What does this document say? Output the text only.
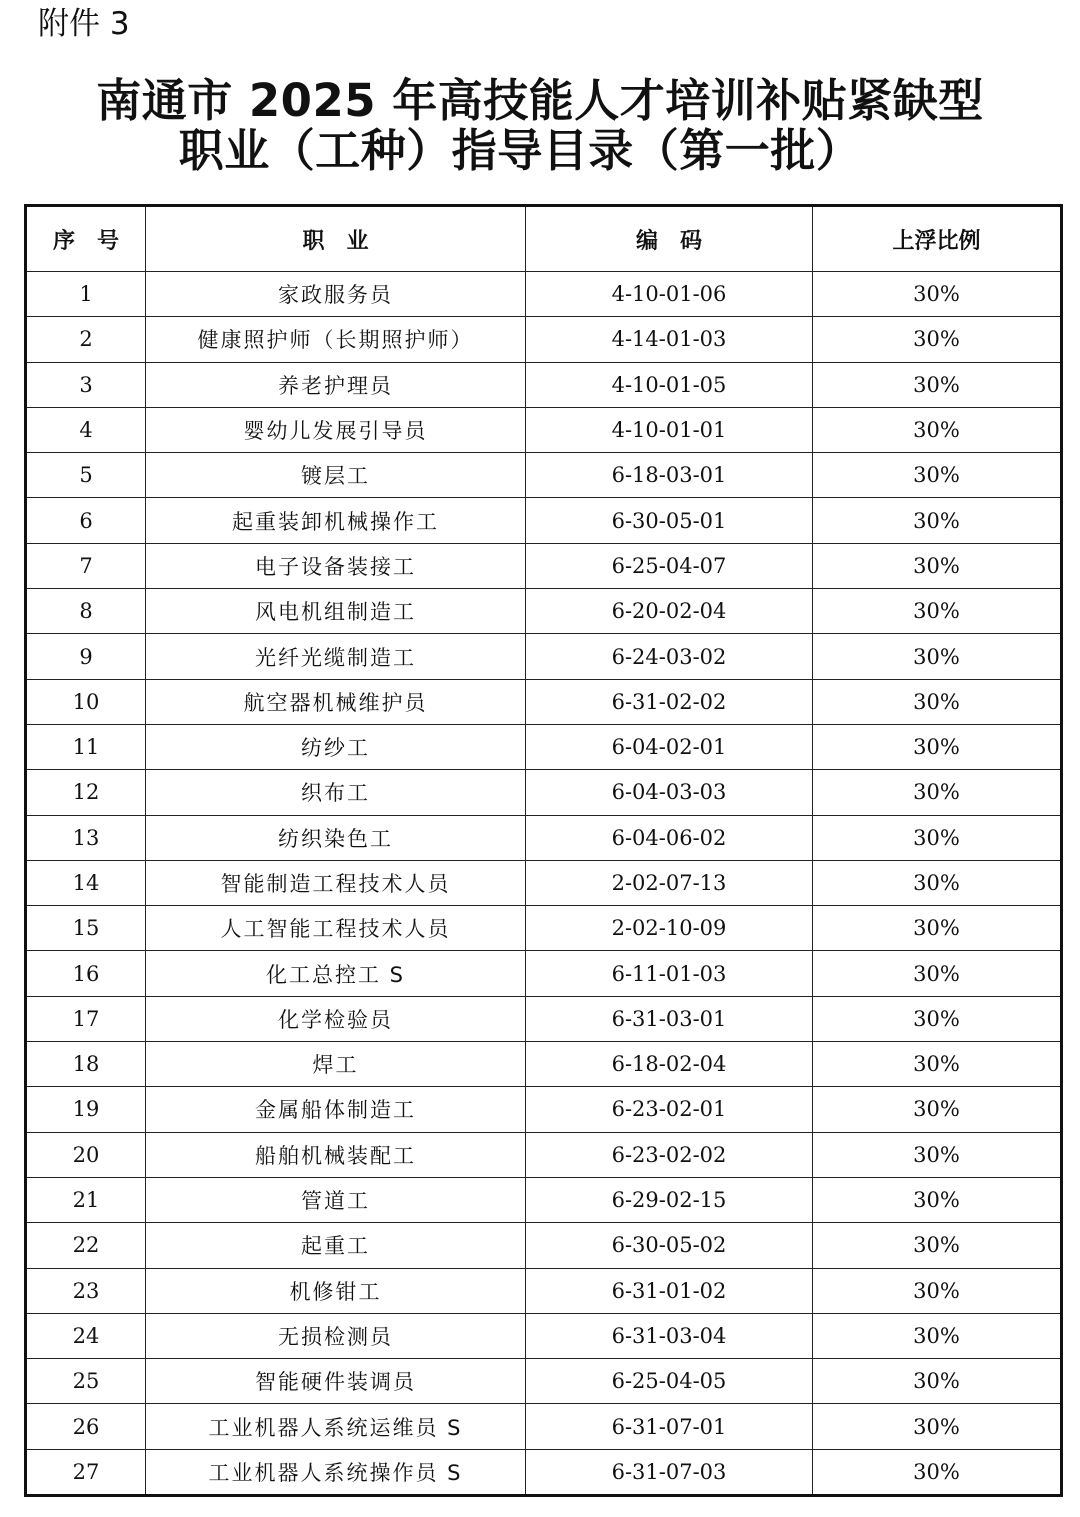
附件 3
南通市 2025 年高技能人才培训补贴紧缺型
职业（工种）指导目录（第一批）
序　号	职　业	编　码	上浮比例
1	家政服务员	4-10-01-06	30%
2	健康照护师（长期照护师）	4-14-01-03	30%
3	养老护理员	4-10-01-05	30%
4	婴幼儿发展引导员	4-10-01-01	30%
5	镀层工	6-18-03-01	30%
6	起重装卸机械操作工	6-30-05-01	30%
7	电子设备装接工	6-25-04-07	30%
8	风电机组制造工	6-20-02-04	30%
9	光纤光缆制造工	6-24-03-02	30%
10	航空器机械维护员	6-31-02-02	30%
11	纺纱工	6-04-02-01	30%
12	织布工	6-04-03-03	30%
13	纺织染色工	6-04-06-02	30%
14	智能制造工程技术人员	2-02-07-13	30%
15	人工智能工程技术人员	2-02-10-09	30%
16	化工总控工 S	6-11-01-03	30%
17	化学检验员	6-31-03-01	30%
18	焊工	6-18-02-04	30%
19	金属船体制造工	6-23-02-01	30%
20	船舶机械装配工	6-23-02-02	30%
21	管道工	6-29-02-15	30%
22	起重工	6-30-05-02	30%
23	机修钳工	6-31-01-02	30%
24	无损检测员	6-31-03-04	30%
25	智能硬件装调员	6-25-04-05	30%
26	工业机器人系统运维员 S	6-31-07-01	30%
27	工业机器人系统操作员 S	6-31-07-03	30%
